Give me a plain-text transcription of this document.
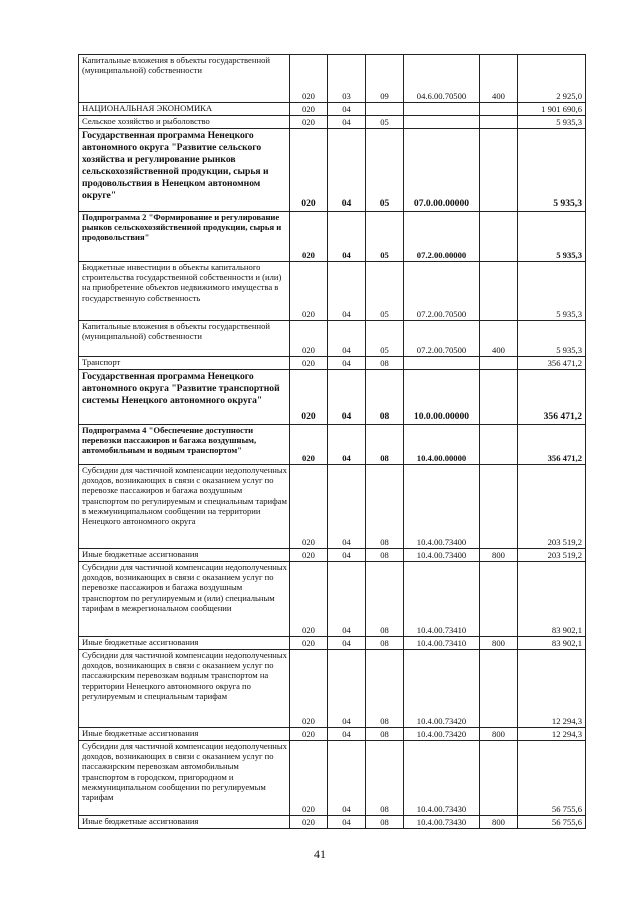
Капитальные вложения в объекты государственной (муниципальной) собственности	020	03	09	04.6.00.70500	400	2 925,0
НАЦИОНАЛЬНАЯ ЭКОНОМИКА	020	04				1 901 690,6
Сельское хозяйство и рыболовство	020	04	05			5 935,3
Государственная программа Ненецкого автономного округа "Развитие сельского хозяйства и регулирование рынков сельскохозяйственной продукции, сырья и продовольствия в Ненецком автономном округе"	020	04	05	07.0.00.00000		5 935,3
Подпрограмма 2 "Формирование и регулирование рынков сельскохозяйственной продукции, сырья и продовольствия"	020	04	05	07.2.00.00000		5 935,3
Бюджетные инвестиции в объекты капитального строительства государственной собственности и (или) на приобретение объектов недвижимого имущества в государственную собственность	020	04	05	07.2.00.70500		5 935,3
Капитальные вложения в объекты государственной (муниципальной) собственности	020	04	05	07.2.00.70500	400	5 935,3
Транспорт	020	04	08			356 471,2
Государственная программа Ненецкого автономного округа "Развитие транспортной системы Ненецкого автономного округа"	020	04	08	10.0.00.00000		356 471,2
Подпрограмма 4 "Обеспечение доступности перевозки пассажиров и багажа воздушным, автомобильным и водным транспортом"	020	04	08	10.4.00.00000		356 471,2
Субсидии для частичной компенсации недополученных доходов, возникающих в связи с оказанием услуг по перевозке пассажиров и багажа воздушным транспортом по регулируемым и специальным тарифам в межмуниципальном сообщении на территории Ненецкого автономного округа	020	04	08	10.4.00.73400		203 519,2
Иные бюджетные ассигнования	020	04	08	10.4.00.73400	800	203 519,2
Субсидии для частичной компенсации недополученных доходов, возникающих в связи с оказанием услуг по перевозке пассажиров и багажа воздушным транспортом по регулируемым и (или) специальным тарифам в межрегиональном сообщении	020	04	08	10.4.00.73410		83 902,1
Иные бюджетные ассигнования	020	04	08	10.4.00.73410	800	83 902,1
Субсидии для частичной компенсации недополученных доходов, возникающих в связи с оказанием услуг по пассажирским перевозкам водным транспортом на территории Ненецкого автономного округа по регулируемым и специальным тарифам	020	04	08	10.4.00.73420		12 294,3
Иные бюджетные ассигнования	020	04	08	10.4.00.73420	800	12 294,3
Субсидии для частичной компенсации недополученных доходов, возникающих в связи с оказанием услуг по пассажирским перевозкам автомобильным транспортом в городском, пригородном и межмуниципальном сообщении по регулируемым тарифам	020	04	08	10.4.00.73430		56 755,6
Иные бюджетные ассигнования	020	04	08	10.4.00.73430	800	56 755,6
41
